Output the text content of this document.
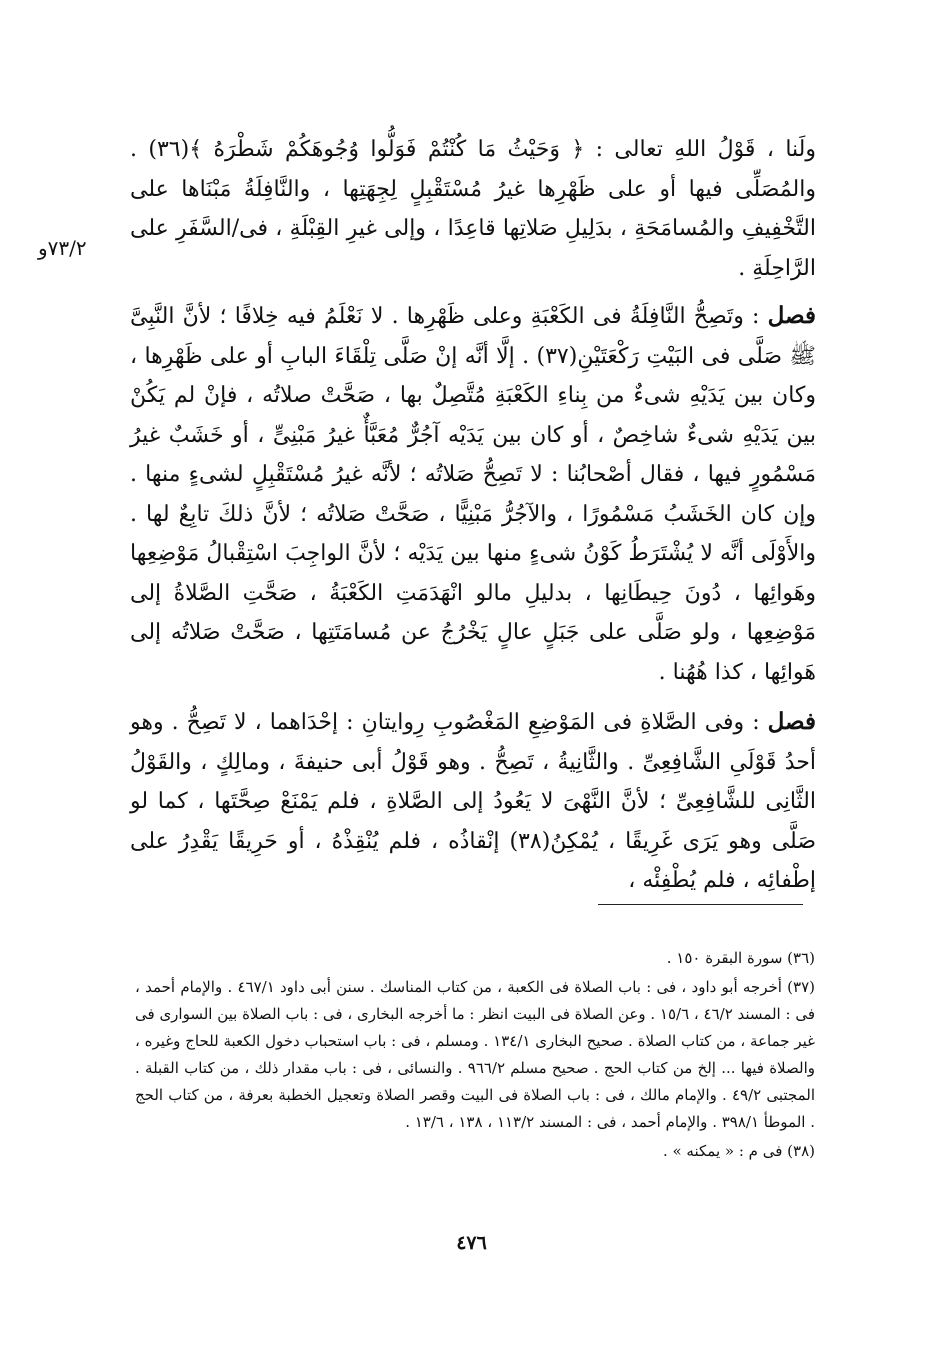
٧٣/٢و

ولَنا ، قَوْلُ اللهِ تعالى : ﴿ وَحَيْثُ مَا كُنْتُمْ فَوَلُّوا وُجُوهَكُمْ شَطْرَهُ ﴾(٣٦) . والمُصَلِّى فيها أو على ظَهْرِها غيرُ مُسْتَقْبِلٍ لِجِهَتِها ، والنَّافِلَةُ مَبْنَاها على التَّخْفِيفِ والمُسامَحَةِ ، بدَلِيلِ صَلاتِها قاعِدًا ، وإلى غيرِ القِبْلَةِ ، فى/السَّفَرِ على الرَّاحِلَةِ .

فصل : وتَصِحُّ النَّافِلَةُ فى الكَعْبَةِ وعلى ظَهْرِها . لا نَعْلَمُ فيه خِلافًا ؛ لأنَّ النَّبِىَّ ﷺ صَلَّى فى البَيْتِ رَكْعَتَيْنِ(٣٧) . إلَّا أنَّه إنْ صَلَّى تِلْقَاءَ البابِ أو على ظَهْرِها ، وكان بين يَدَيْهِ شىءٌ من بِناءِ الكَعْبَةِ مُتَّصِلٌ بها ، صَحَّتْ صلاتُه ، فإنْ لم يَكُنْ بين يَدَيْهِ شىءٌ شاخِصٌ ، أو كان بين يَدَيْه آجُرٌّ مُعَبَّأٌ غيرُ مَبْنِىٍّ ، أو خَشَبٌ غيرُ مَسْمُورٍ فيها ، فقال أصْحابُنا : لا تَصِحُّ صَلاتُه ؛ لأنَّه غيرُ مُسْتَقْبِلٍ لشىءٍ منها . وإن كان الخَشَبُ مَسْمُورًا ، والآجُرُّ مَبْنِيًّا ، صَحَّتْ صَلاتُه ؛ لأنَّ ذلكَ تابِعٌ لها . والأَوْلَى أنَّه لا يُشْتَرَطُ كَوْنُ شىءٍ منها بين يَدَيْه ؛ لأنَّ الواجِبَ اسْتِقْبالُ مَوْضِعِها وهَوائِها ، دُونَ حِيطَانِها ، بدليلِ مالو انْهَدَمَتِ الكَعْبَةُ ، صَحَّتِ الصَّلاةُ إلى مَوْضِعِها ، ولو صَلَّى على جَبَلٍ عالٍ يَخْرُجُ عن مُسامَتَتِها ، صَحَّتْ صَلاتُه إلى هَوائِها ، كذا هُهُنا .

فصل : وفى الصَّلاةِ فى المَوْضِعِ المَغْصُوبِ رِوايتانِ : إحْدَاهما ، لا تَصِحُّ . وهو أحدُ قَوْلَىِ الشَّافِعِىِّ . والثَّانِيةُ ، تَصِحُّ . وهو قَوْلُ أبى حنيفةَ ، ومالِكٍ ، والقَوْلُ الثَّانِى للشَّافِعِىِّ ؛ لأنَّ النَّهْىَ لا يَعُودُ إلى الصَّلاةِ ، فلم يَمْنَعْ صِحَّتَها ، كما لو صَلَّى وهو يَرَى غَرِيقًا ، يُمْكِنُ(٣٨) إنْقاذُه ، فلم يُنْقِذْهُ ، أو حَرِيقًا يَقْدِرُ على إطْفائِه ، فلم يُطْفِئْه ،

(٣٦) سورة البقرة ١٥٠ .

(٣٧) أخرجه أبو داود ، فى : باب الصلاة فى الكعبة ، من كتاب المناسك . سنن أبى داود ٤٦٧/١ . والإمام أحمد ، فى : المسند ٤٦/٢ ، ١٥/٦ . وعن الصلاة فى البيت انظر : ما أخرجه البخارى ، فى : باب الصلاة بين السوارى فى غير جماعة ، من كتاب الصلاة . صحيح البخارى ١٣٤/١ . ومسلم ، فى : باب استحباب دخول الكعبة للحاج وغيره ، والصلاة فيها ... إلخ من كتاب الحج . صحيح مسلم ٩٦٦/٢ . والنسائى ، فى : باب مقدار ذلك ، من كتاب القبلة . المجتبى ٤٩/٢ . والإمام مالك ، فى : باب الصلاة فى البيت وقصر الصلاة وتعجيل الخطبة بعرفة ، من كتاب الحج . الموطأ ٣٩٨/١ . والإمام أحمد ، فى : المسند ١١٣/٢ ، ١٣٨ ، ١٣/٦ .

(٣٨) فى م : « يمكنه » .

٤٧٦
